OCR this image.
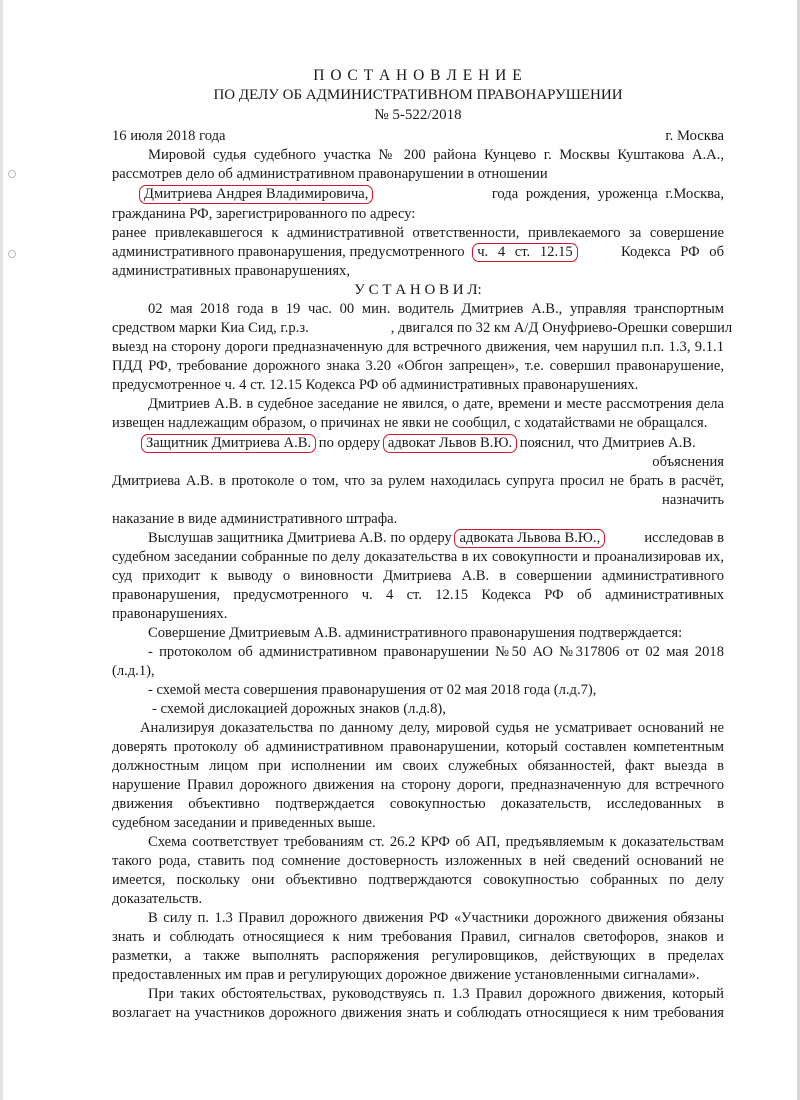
П О С Т А Н О В Л Е Н И Е
ПО ДЕЛУ ОБ АДМИНИСТРАТИВНОМ ПРАВОНАРУШЕНИИ
№ 5-522/2018
16 июля 2018 года	г. Москва
Мировой судья судебного участка № 200 района Кунцево г. Москвы Куштакова А.А.,
рассмотрев дело об административном правонарушении в отношении
Дмитриева Андрея Владимировича,	года рождения, уроженца г.Москва,
гражданина РФ, зарегистрированного по адресу:
ранее привлекавшегося к административной ответственности, привлекаемого за совершение
административного правонарушения, предусмотренного ч. 4 ст. 12.15	Кодекса РФ об
административных правонарушениях,
У С Т А Н О В И Л:
02 мая 2018 года в 19 час. 00 мин. водитель Дмитриев А.В., управляя транспортным
средством марки Киа Сид, г.р.з.	, двигался по 32 км А/Д Онуфриево-Орешки совершил
выезд на сторону дороги предназначенную для встречного движения, чем нарушил п.п. 1.3, 9.1.1
ПДД РФ, требование дорожного знака 3.20 «Обгон запрещен», т.е. совершил правонарушение,
предусмотренное ч. 4 ст. 12.15 Кодекса РФ об административных правонарушениях.
Дмитриев А.В. в судебное заседание не явился, о дате, времени и месте рассмотрения дела
извещен надлежащим образом, о причинах не явки не сообщил, с ходатайствами не обращался.
Защитник Дмитриева А.В. по ордеру адвокат Львов В.Ю. пояснил, что Дмитриев А.В.
объяснения
Дмитриева А.В. в протоколе о том, что за рулем находилась супруга просил не брать в расчёт,
назначить
наказание в виде административного штрафа.
Выслушав защитника Дмитриева А.В. по ордеру адвоката Львова В.Ю.,	исследовав в
судебном заседании собранные по делу доказательства в их совокупности и проанализировав их,
суд приходит к выводу о виновности Дмитриева А.В. в совершении административного
правонарушения, предусмотренного ч. 4 ст. 12.15 Кодекса РФ об административных
правонарушениях.
Совершение Дмитриевым А.В. административного правонарушения подтверждается:
- протоколом об административном правонарушении №50 АО №317806 от 02 мая 2018
(л.д.1),
- схемой места совершения правонарушения от 02 мая 2018 года (л.д.7),
- схемой дислокацией дорожных знаков (л.д.8),
Анализируя доказательства по данному делу, мировой судья не усматривает оснований не
доверять протоколу об административном правонарушении, который составлен компетентным
должностным лицом при исполнении им своих служебных обязанностей, факт выезда в
нарушение Правил дорожного движения на сторону дороги, предназначенную для встречного
движения объективно подтверждается совокупностью доказательств, исследованных в
судебном заседании и приведенных выше.
Схема соответствует требованиям ст. 26.2 КРФ об АП, предъявляемым к доказательствам
такого рода, ставить под сомнение достоверность изложенных в ней сведений оснований не
имеется, поскольку они объективно подтверждаются совокупностью собранных по делу
доказательств.
В силу п. 1.3 Правил дорожного движения РФ «Участники дорожного движения обязаны
знать и соблюдать относящиеся к ним требования Правил, сигналов светофоров, знаков и
разметки, а также выполнять распоряжения регулировщиков, действующих в пределах
предоставленных им прав и регулирующих дорожное движение установленными сигналами».
При таких обстоятельствах, руководствуясь п. 1.3 Правил дорожного движения, который
возлагает на участников дорожного движения знать и соблюдать относящиеся к ним требования
